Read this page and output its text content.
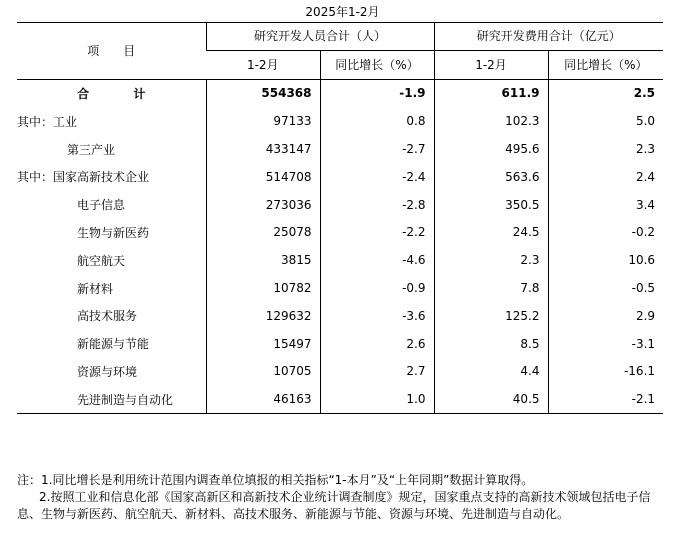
2025年1-2月
项　　目	研究开发人员合计（人）		研究开发费用合计（亿元）	
	1-2月	同比增长（%）	1-2月	同比增长（%）
合 计	554368	-1.9	611.9	2.5
其中：工业	97133	0.8	102.3	5.0
第三产业	433147	-2.7	495.6	2.3
其中：国家高新技术企业	514708	-2.4	563.6	2.4
电子信息	273036	-2.8	350.5	3.4
生物与新医药	25078	-2.2	24.5	-0.2
航空航天	3815	-4.6	2.3	10.6
新材料	10782	-0.9	7.8	-0.5
高技术服务	129632	-3.6	125.2	2.9
新能源与节能	15497	2.6	8.5	-3.1
资源与环境	10705	2.7	4.4	-16.1
先进制造与自动化	46163	1.0	40.5	-2.1

注：1.同比增长是利用统计范围内调查单位填报的相关指标“1-本月”及“上年同期”数据计算取得。

2.按照工业和信息化部《国家高新区和高新技术企业统计调查制度》规定，国家重点支持的高新技术领域包括电子信息、生物与新医药、航空航天、新材料、高技术服务、新能源与节能、资源与环境、先进制造与自动化。
